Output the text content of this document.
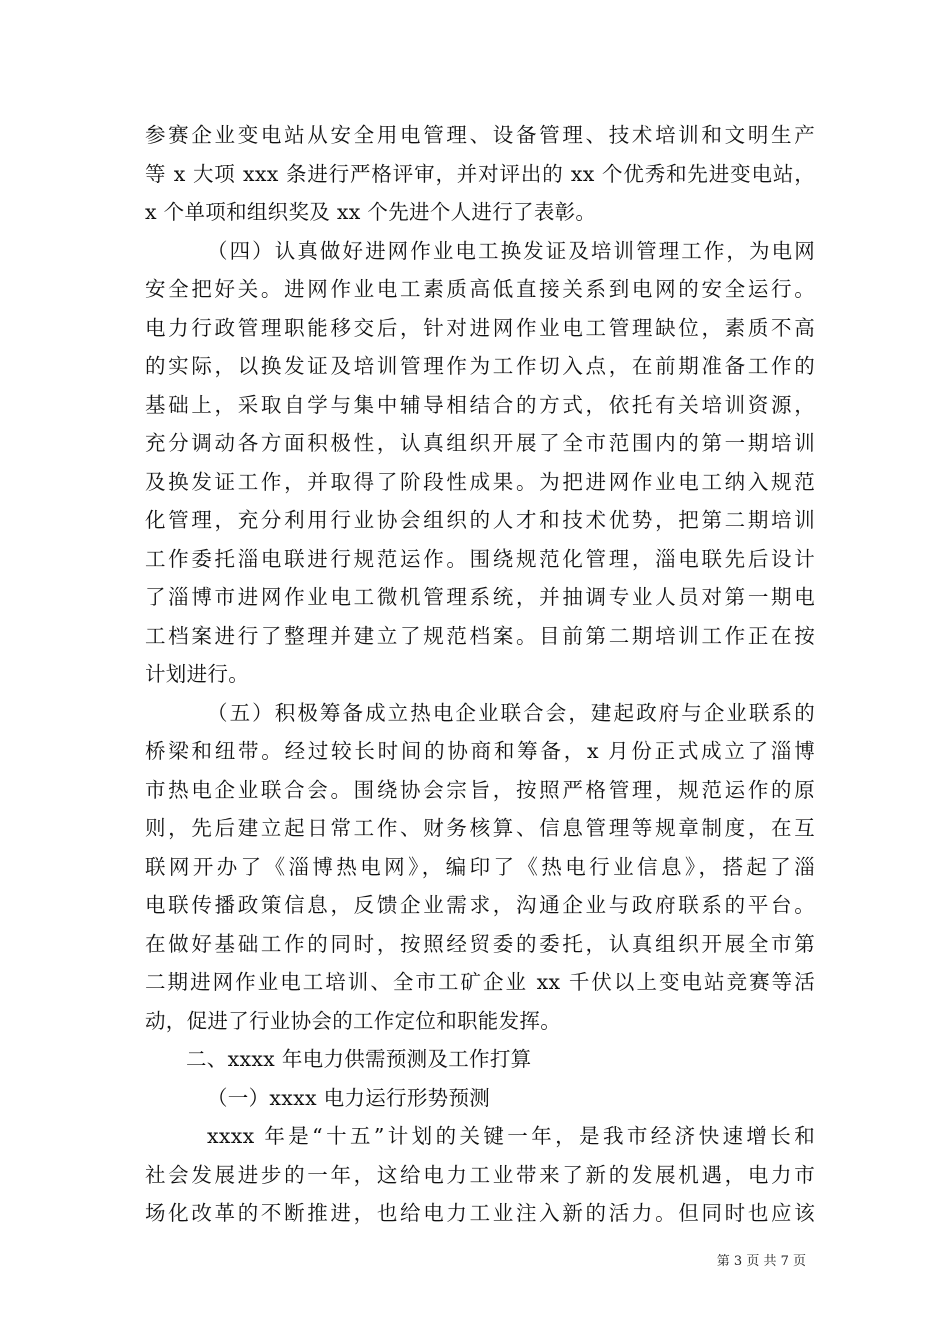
参赛企业变电站从安全用电管理、设备管理、技术培训和文明生产
等 x 大项 xxx 条进行严格评审，并对评出的 xx 个优秀和先进变电站，
x 个单项和组织奖及 xx 个先进个人进行了表彰。
（四）认真做好进网作业电工换发证及培训管理工作，为电网
安全把好关。进网作业电工素质高低直接关系到电网的安全运行。
电力行政管理职能移交后，针对进网作业电工管理缺位，素质不高
的实际，以换发证及培训管理作为工作切入点，在前期准备工作的
基础上，采取自学与集中辅导相结合的方式，依托有关培训资源，
充分调动各方面积极性，认真组织开展了全市范围内的第一期培训
及换发证工作，并取得了阶段性成果。为把进网作业电工纳入规范
化管理，充分利用行业协会组织的人才和技术优势，把第二期培训
工作委托淄电联进行规范运作。围绕规范化管理，淄电联先后设计
了淄博市进网作业电工微机管理系统，并抽调专业人员对第一期电
工档案进行了整理并建立了规范档案。目前第二期培训工作正在按
计划进行。
（五）积极筹备成立热电企业联合会，建起政府与企业联系的
桥梁和纽带。经过较长时间的协商和筹备，x 月份正式成立了淄博
市热电企业联合会。围绕协会宗旨，按照严格管理，规范运作的原
则，先后建立起日常工作、财务核算、信息管理等规章制度，在互
联网开办了《淄博热电网》，编印了《热电行业信息》，搭起了淄
电联传播政策信息，反馈企业需求，沟通企业与政府联系的平台。
在做好基础工作的同时，按照经贸委的委托，认真组织开展全市第
二期进网作业电工培训、全市工矿企业 xx 千伏以上变电站竞赛等活
动，促进了行业协会的工作定位和职能发挥。
二、xxxx 年电力供需预测及工作打算
（一）xxxx 电力运行形势预测
xxxx 年是“十五”计划的关键一年，是我市经济快速增长和
社会发展进步的一年，这给电力工业带来了新的发展机遇，电力市
场化改革的不断推进，也给电力工业注入新的活力。但同时也应该
第 3 页 共 7 页
